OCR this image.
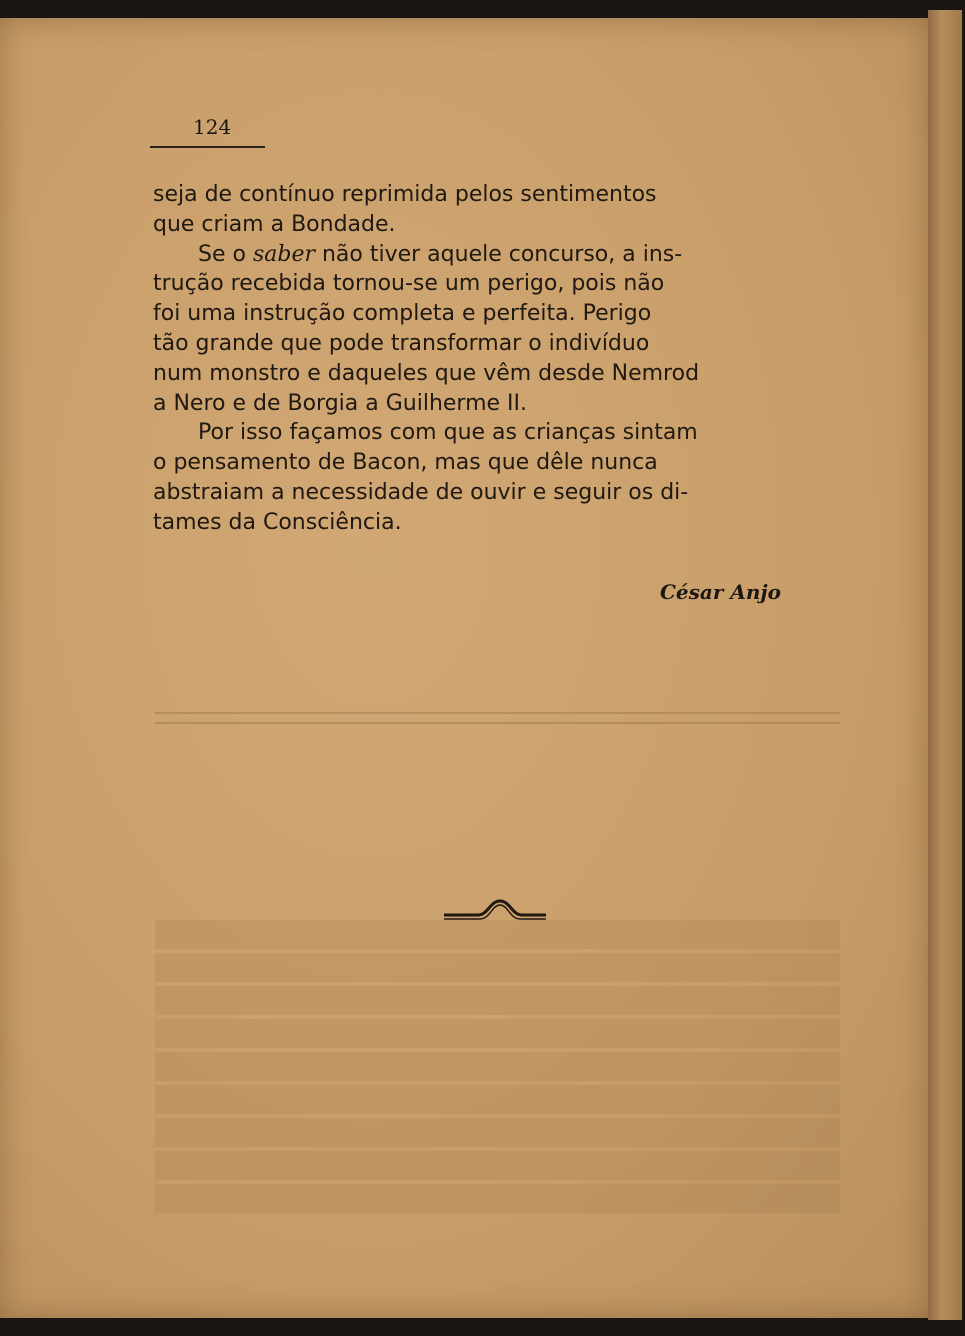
124
seja de contínuo reprimida pelos sentimentos
que criam a Bondade.
Se o saber não tiver aquele concurso, a ins-
trução recebida tornou-se um perigo, pois não
foi uma instrução completa e perfeita. Perigo
tão grande que pode transformar o indivíduo
num monstro e daqueles que vêm desde Nemrod
a Nero e de Borgia a Guilherme II.
Por isso façamos com que as crianças sintam
o pensamento de Bacon, mas que dêle nunca
abstraiam a necessidade de ouvir e seguir os di-
tames da Consciência.
César Anjo
